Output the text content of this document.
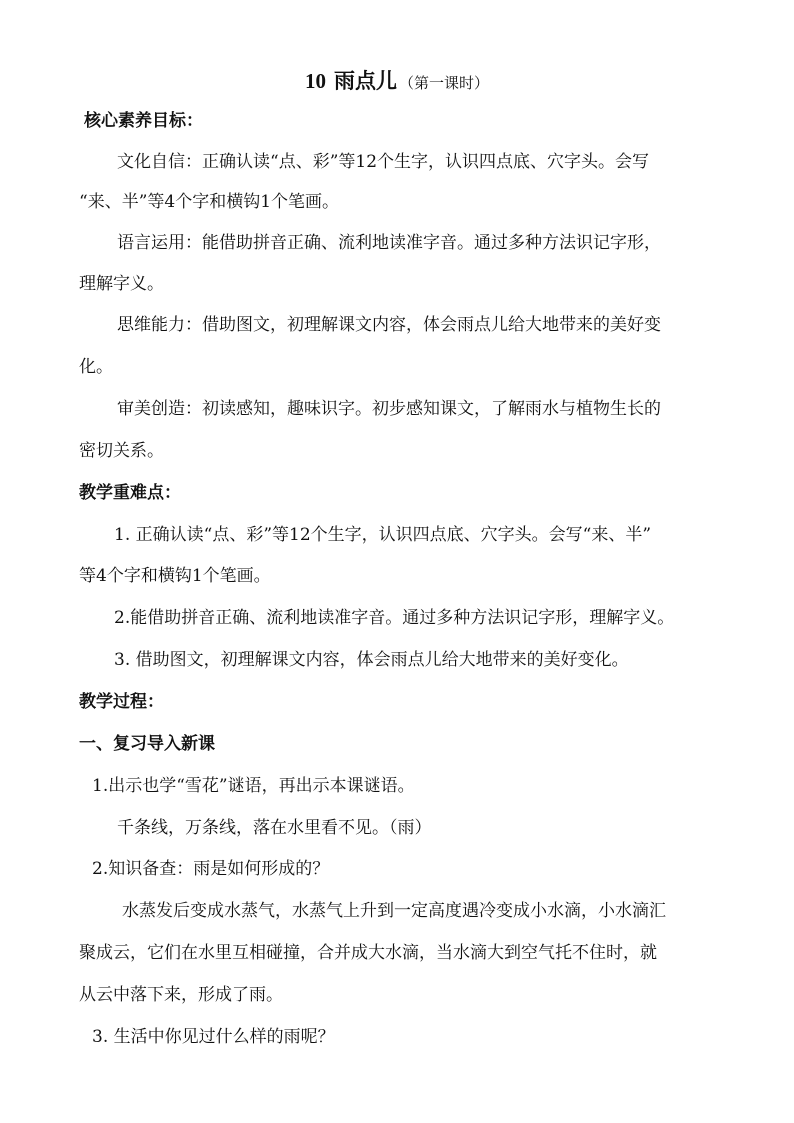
10 雨点儿 （第一课时）

核心素养目标：

文化自信：正确认读“点、彩”等12个生字，认识四点底、穴字头。会写

“来、半”等4个字和横钩1个笔画。

语言运用：能借助拼音正确、流利地读准字音。通过多种方法识记字形，

理解字义。

思维能力：借助图文，初理解课文内容，体会雨点儿给大地带来的美好变

化。

审美创造：初读感知，趣味识字。初步感知课文，了解雨水与植物生长的

密切关系。

教学重难点：

1. 正确认读“点、彩”等12个生字，认识四点底、穴字头。会写“来、半”

等4个字和横钩1个笔画。

2.能借助拼音正确、流利地读准字音。通过多种方法识记字形，理解字义。

3. 借助图文，初理解课文内容，体会雨点儿给大地带来的美好变化。

教学过程：

一、复习导入新课

1.出示也学“雪花”谜语，再出示本课谜语。

千条线，万条线，落在水里看不见。（雨）

2.知识备查：雨是如何形成的？

水蒸发后变成水蒸气，水蒸气上升到一定高度遇冷变成小水滴，小水滴汇

聚成云，它们在水里互相碰撞，合并成大水滴，当水滴大到空气托不住时，就

从云中落下来，形成了雨。

3. 生活中你见过什么样的雨呢？
